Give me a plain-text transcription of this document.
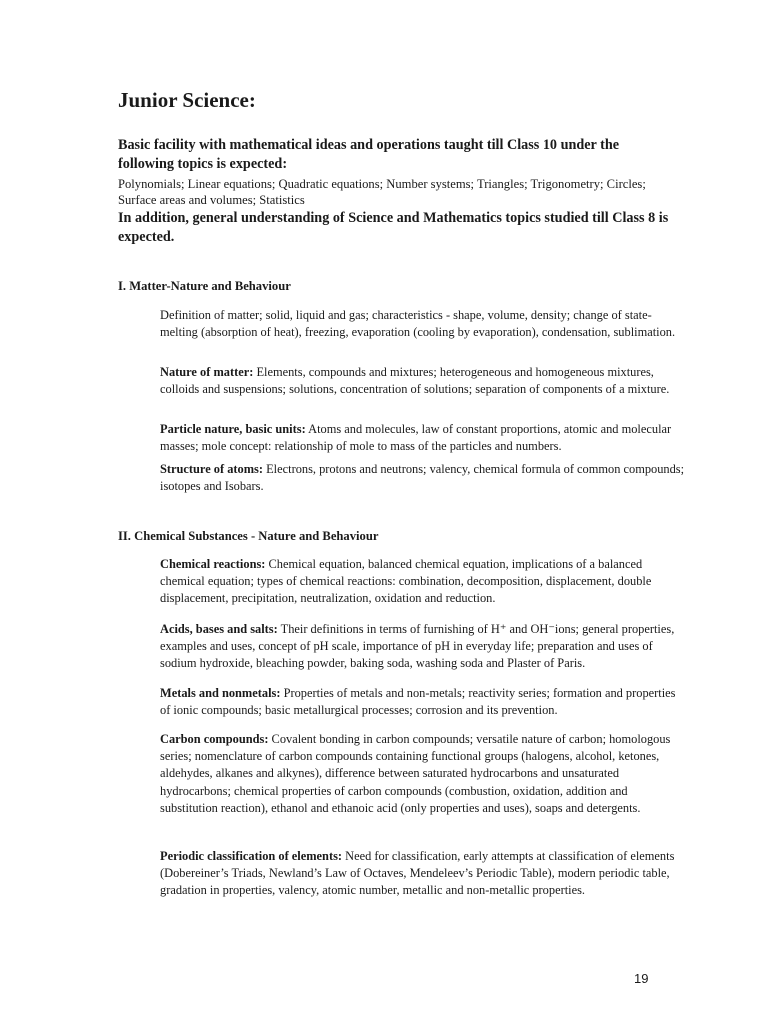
Junior Science:

Basic facility with mathematical ideas and operations taught till Class 10 under the following topics is expected:

Polynomials; Linear equations; Quadratic equations; Number systems; Triangles; Trigonometry; Circles; Surface areas and volumes; Statistics

In addition, general understanding of Science and Mathematics topics studied till Class 8 is expected.

I. Matter-Nature and Behaviour

Definition of matter; solid, liquid and gas; characteristics - shape, volume, density; change of state-melting (absorption of heat), freezing, evaporation (cooling by evaporation), condensation, sublimation.

Nature of matter: Elements, compounds and mixtures; heterogeneous and homogeneous mixtures, colloids and suspensions; solutions, concentration of solutions; separation of components of a mixture.

Particle nature, basic units: Atoms and molecules, law of constant proportions, atomic and molecular masses; mole concept: relationship of mole to mass of the particles and numbers.

Structure of atoms: Electrons, protons and neutrons; valency, chemical formula of common compounds; isotopes and Isobars.

II. Chemical Substances - Nature and Behaviour

Chemical reactions: Chemical equation, balanced chemical equation, implications of a balanced chemical equation; types of chemical reactions: combination, decomposition, displacement, double displacement, precipitation, neutralization, oxidation and reduction.

Acids, bases and salts: Their definitions in terms of furnishing of H⁺ and OH⁻ions; general properties, examples and uses, concept of pH scale, importance of pH in everyday life; preparation and uses of sodium hydroxide, bleaching powder, baking soda, washing soda and Plaster of Paris.

Metals and nonmetals: Properties of metals and non-metals; reactivity series; formation and properties of ionic compounds; basic metallurgical processes; corrosion and its prevention.

Carbon compounds: Covalent bonding in carbon compounds; versatile nature of carbon; homologous series; nomenclature of carbon compounds containing functional groups (halogens, alcohol, ketones, aldehydes, alkanes and alkynes), difference between saturated hydrocarbons and unsaturated hydrocarbons; chemical properties of carbon compounds (combustion, oxidation, addition and substitution reaction), ethanol and ethanoic acid (only properties and uses), soaps and detergents.

Periodic classification of elements: Need for classification, early attempts at classification of elements (Dobereiner’s Triads, Newland’s Law of Octaves, Mendeleev’s Periodic Table), modern periodic table, gradation in properties, valency, atomic number, metallic and non-metallic properties.

19
